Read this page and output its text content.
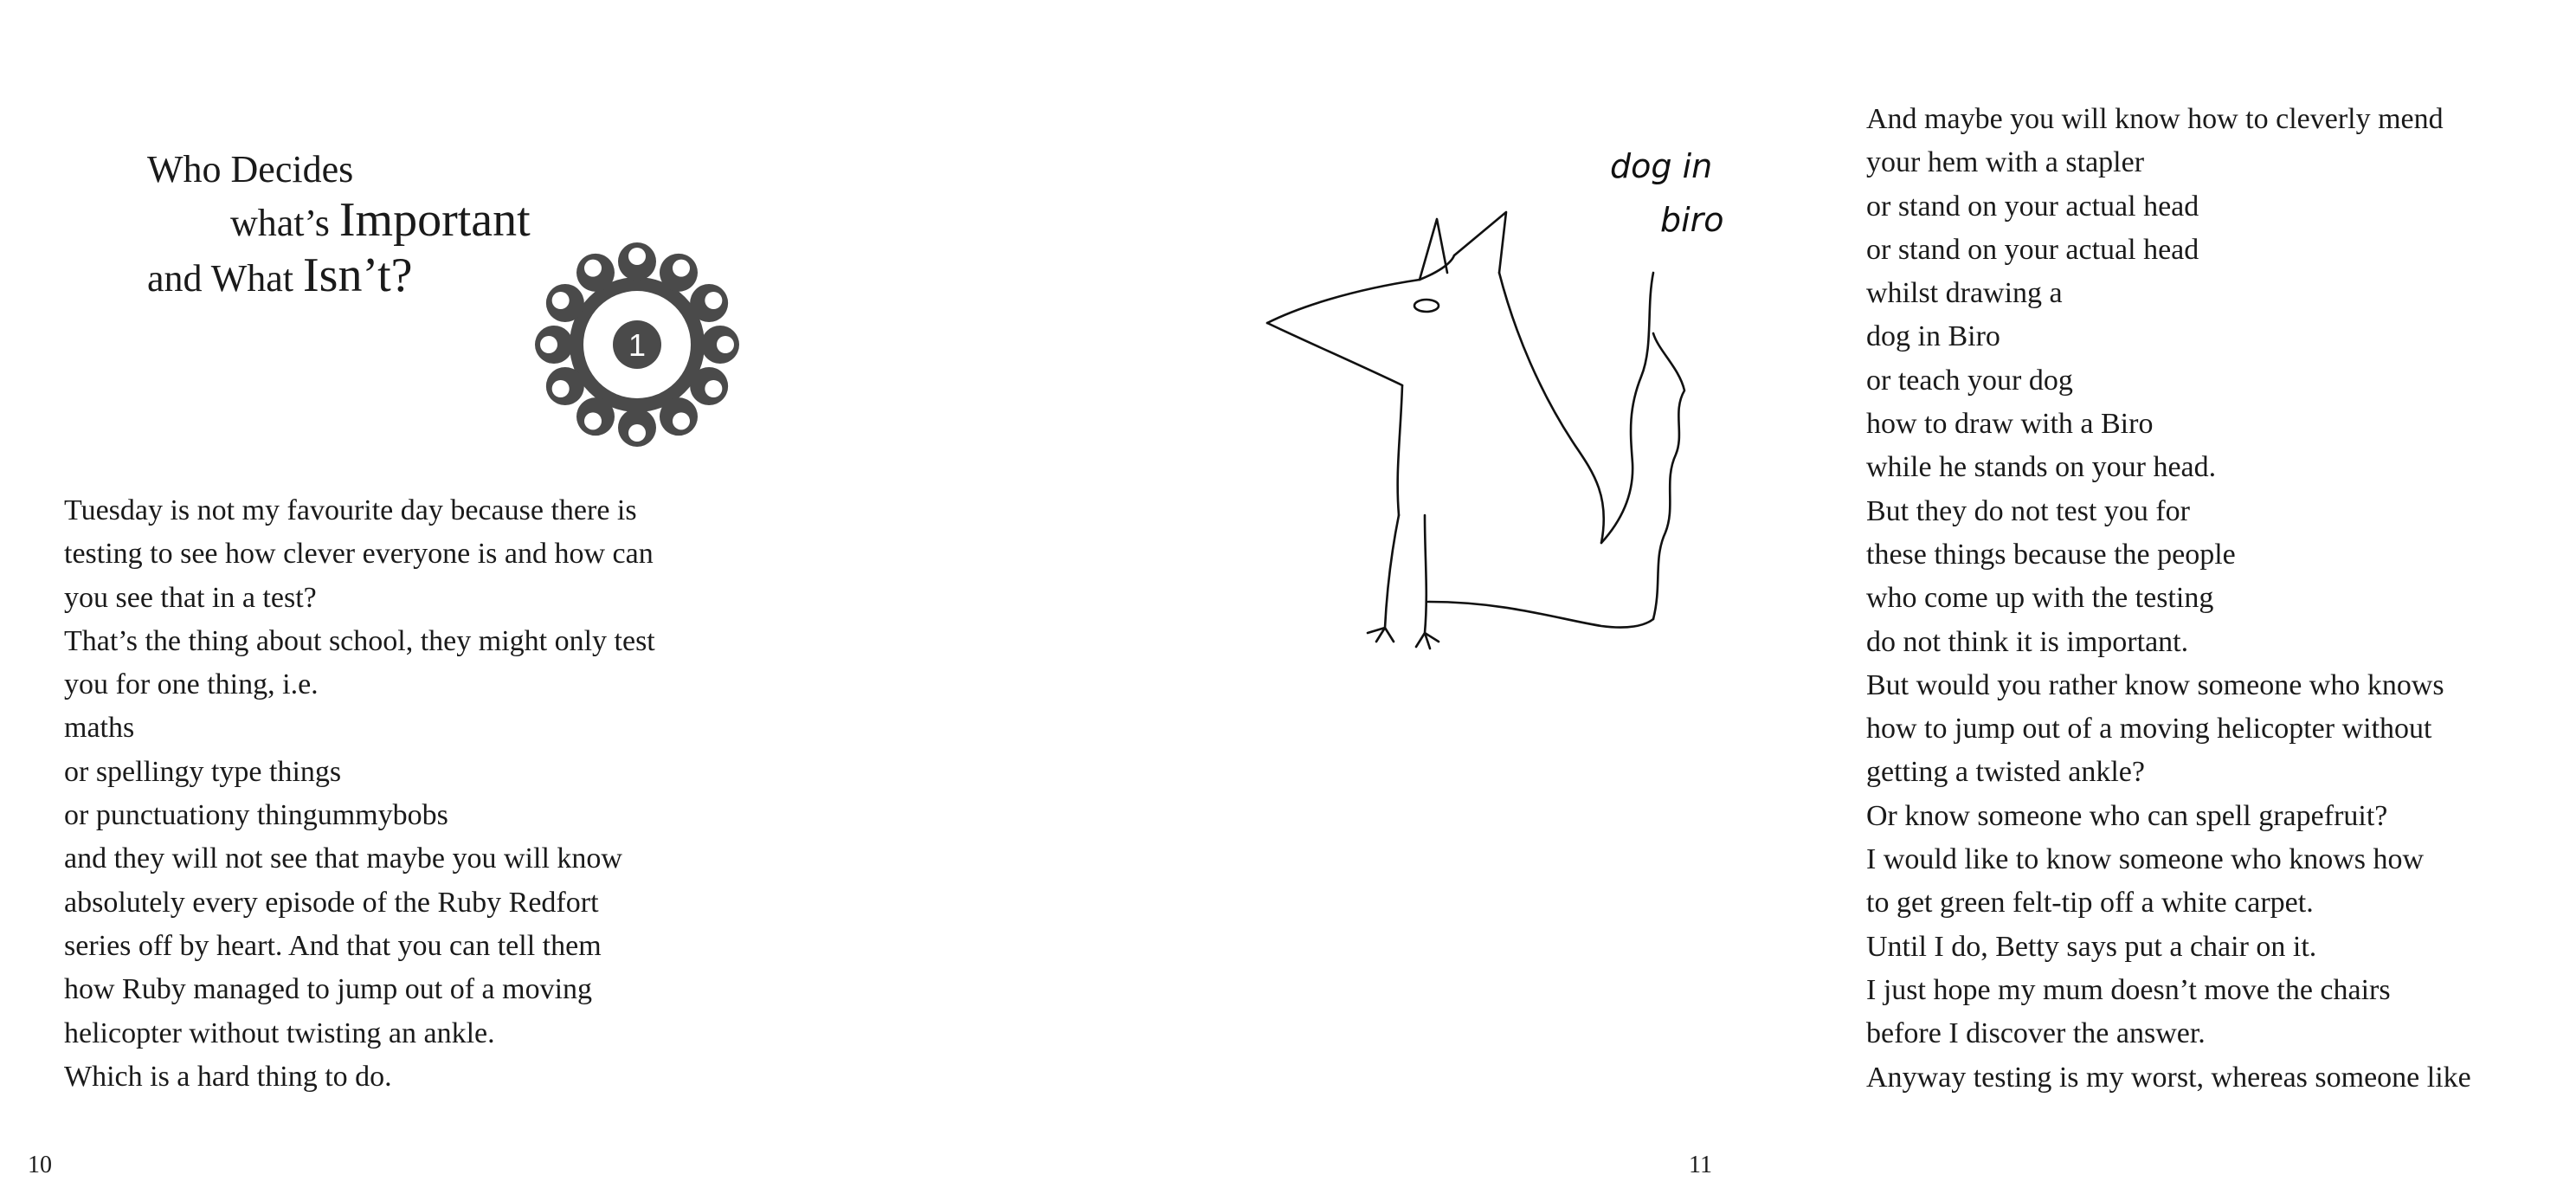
Who Decides
what’s Important
and What Isn’t?
1
Tuesday is not my favourite day because there is
testing to see how clever everyone is and how can
you see that in a test?
That’s the thing about school, they might only test
you for one thing, i.e.
maths
or spellingy type things
or punctuationy thingummybobs
and they will not see that maybe you will know
absolutely every episode of the Ruby Redfort
series off by heart. And that you can tell them
how Ruby managed to jump out of a moving
helicopter without twisting an ankle.
Which is a hard thing to do.
10
And maybe you will know how to cleverly mend
your hem with a stapler
or stand on your actual head
or stand on your actual head
whilst drawing a
dog in Biro
or teach your dog
how to draw with a Biro
while he stands on your head.
But they do not test you for
these things because the people
who come up with the testing
do not think it is important.
But would you rather know someone who knows
how to jump out of a moving helicopter without
getting a twisted ankle?
Or know someone who can spell grapefruit?
I would like to know someone who knows how
to get green felt-tip off a white carpet.
Until I do, Betty says put a chair on it.
I just hope my mum doesn’t move the chairs
before I discover the answer.
Anyway testing is my worst, whereas someone like
11
dog in
biro
